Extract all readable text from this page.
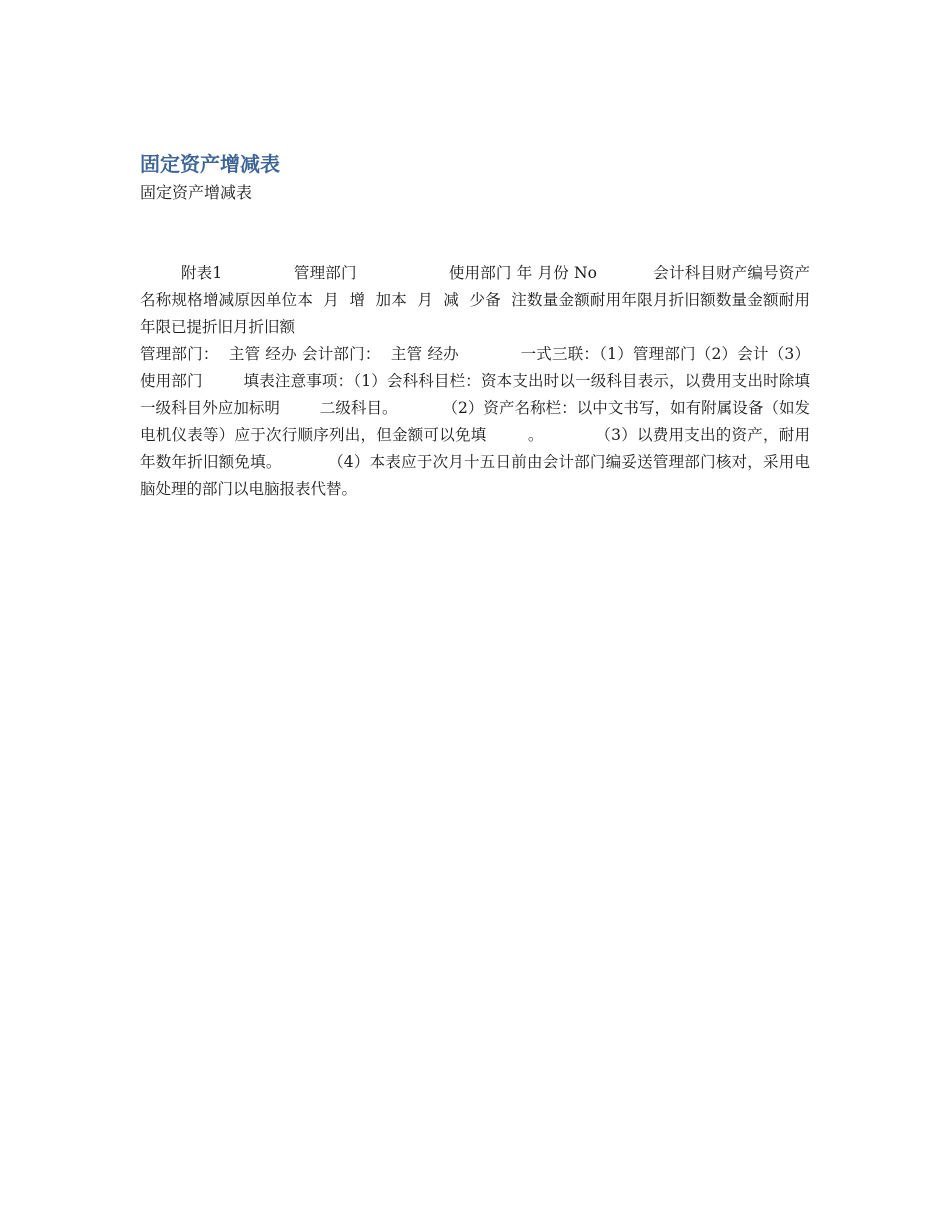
固定资产增减表

固定资产增减表

附表1              管理部门                  使用部门 年 月份 No           会计科目财产编号资产名称规格增减原因单位本  月  增  加本  月  减  少备  注数量金额耐用年限月折旧额数量金额耐用年限已提折旧月折旧额

管理部门：  主管 经办 会计部门：  主管 经办            一式三联：（1）管理部门（2）会计（3）使用部门        填表注意事项：（1）会科科目栏：资本支出时以一级科目表示，以费用支出时除填一级科目外应加标明        二级科目。         （2）资产名称栏：以中文书写，如有附属设备（如发电机仪表等）应于次行顺序列出，但金额可以免填        。          （3）以费用支出的资产，耐用年数年折旧额免填。         （4）本表应于次月十五日前由会计部门编妥送管理部门核对，采用电脑处理的部门以电脑报表代替。
